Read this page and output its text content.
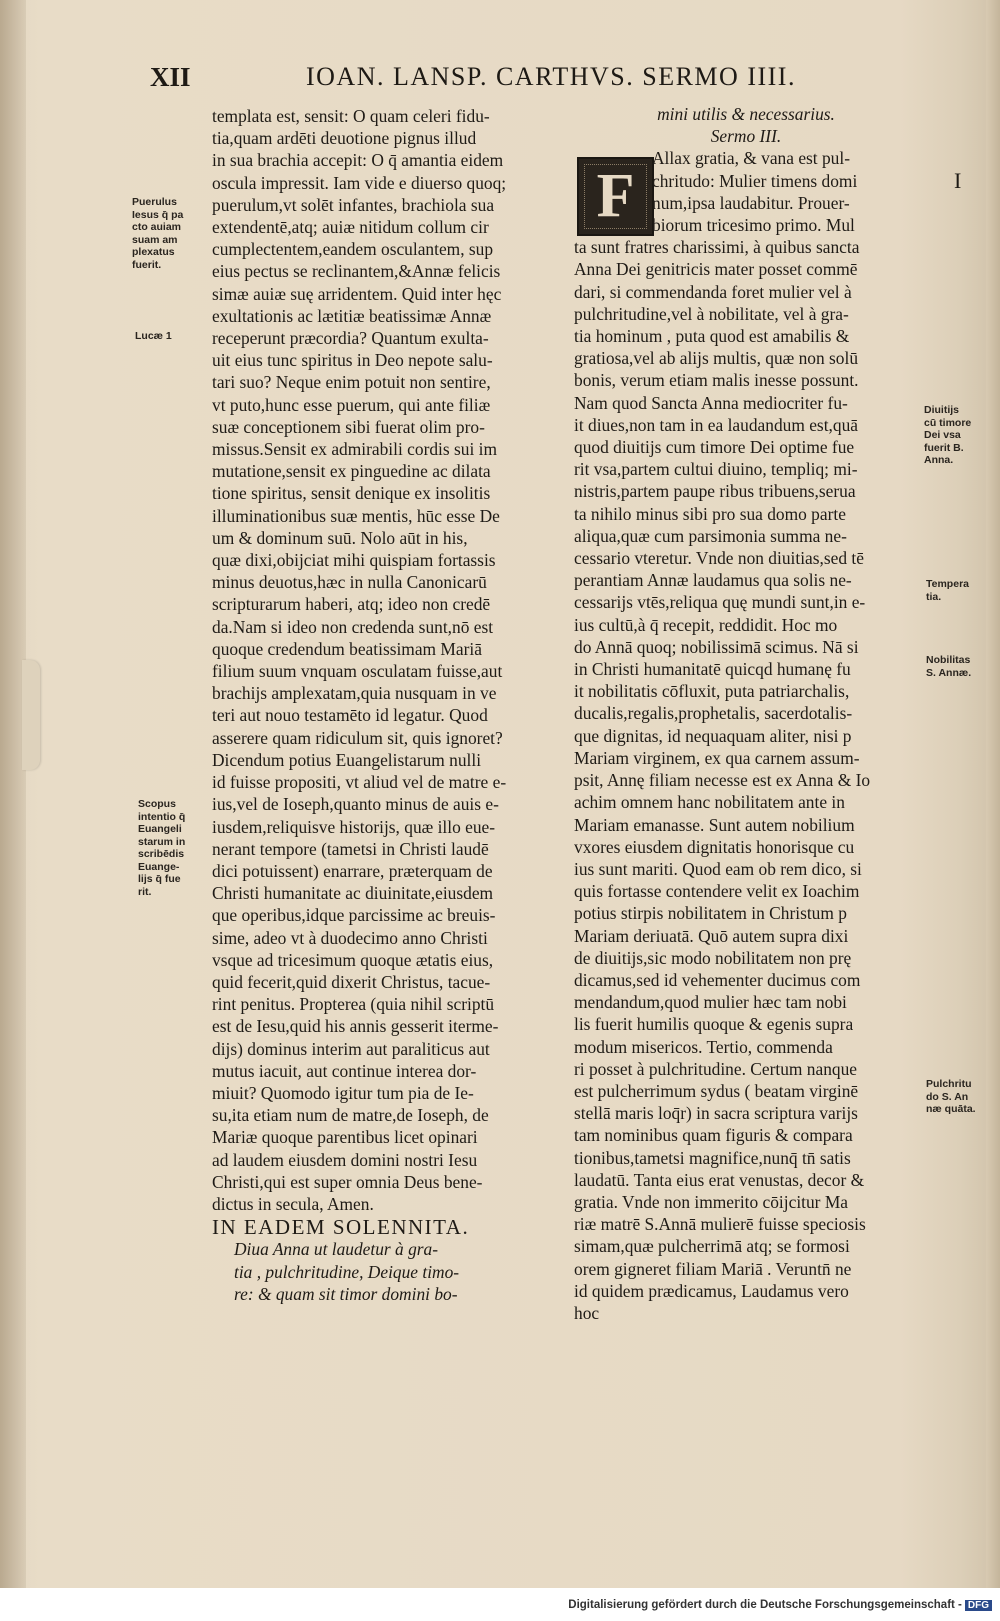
XII	IOAN. LANSP. CARTHVS. SERMO IIII.
I
templata est, sensit: O quam celeri fidu-
tia,quam ardēti deuotione pignus illud
in sua brachia accepit: O q̄ amantia eidem
oscula impressit. Iam vide e diuerso quoq;
puerulum,vt solēt infantes, brachiola sua
extendentē,atq; auiæ nitidum collum cir
cumplectentem,eandem osculantem, sup
eius pectus se reclinantem,&Annæ felicis
simæ auiæ suę arridentem. Quid inter hęc
exultationis ac lætitiæ beatissimæ Annæ
receperunt præcordia? Quantum exulta-
uit eius tunc spiritus in Deo nepote salu-
tari suo? Neque enim potuit non sentire,
vt puto,hunc esse puerum, qui ante filiæ
suæ conceptionem sibi fuerat olim pro-
missus.Sensit ex admirabili cordis sui im
mutatione,sensit ex pinguedine ac dilata
tione spiritus, sensit denique ex insolitis
illuminationibus suæ mentis, hūc esse De
um & dominum suū. Nolo aūt in his,
quæ dixi,obijciat mihi quispiam fortassis
minus deuotus,hæc in nulla Canonicarū
scripturarum haberi, atq; ideo non credē
da.Nam si ideo non credenda sunt,nō est
quoque credendum beatissimam Mariā
filium suum vnquam osculatam fuisse,aut
brachijs amplexatam,quia nusquam in ve
teri aut nouo testamēto id legatur. Quod
asserere quam ridiculum sit, quis ignoret?
Dicendum potius Euangelistarum nulli
id fuisse propositi, vt aliud vel de matre e-
ius,vel de Ioseph,quanto minus de auis e-
iusdem,reliquisve historijs, quæ illo eue-
nerant tempore (tametsi in Christi laudē
dici potuissent) enarrare, præterquam de
Christi humanitate ac diuinitate,eiusdem
que operibus,idque parcissime ac breuis-
sime, adeo vt à duodecimo anno Christi
vsque ad tricesimum quoque ætatis eius,
quid fecerit,quid dixerit Christus, tacue-
rint penitus. Propterea (quia nihil scriptū
est de Iesu,quid his annis gesserit iterme-
dijs) dominus interim aut paraliticus aut
mutus iacuit, aut continue interea dor-
miuit? Quomodo igitur tum pia de Ie-
su,ita etiam num de matre,de Ioseph, de
Mariæ quoque parentibus licet opinari
ad laudem eiusdem domini nostri Iesu
Christi,qui est super omnia Deus bene-
dictus in secula, Amen.
IN EADEM SOLENNITA.
Diua Anna ut laudetur à gra-
tia , pulchritudine, Deique timo-
re: & quam sit timor domini bo-
F
mini utilis & necessarius.
Sermo III.
Allax gratia, & vana est pul-
chritudo: Mulier timens domi
num,ipsa laudabitur. Prouer-
biorum tricesimo primo. Mul
ta sunt fratres charissimi, à quibus sancta
Anna Dei genitricis mater posset commē
dari, si commendanda foret mulier vel à
pulchritudine,vel à nobilitate, vel à gra-
tia hominum , puta quod est amabilis &
gratiosa,vel ab alijs multis, quæ non solū
bonis, verum etiam malis inesse possunt.
Nam quod Sancta Anna mediocriter fu-
it diues,non tam in ea laudandum est,quā
quod diuitijs cum timore Dei optime fue
rit vsa,partem cultui diuino, templiq; mi-
nistris,partem paupe ribus tribuens,serua
ta nihilo minus sibi pro sua domo parte
aliqua,quæ cum parsimonia summa ne-
cessario vteretur. Vnde non diuitias,sed tē
perantiam Annæ laudamus qua solis ne-
cessarijs vtēs,reliqua quę mundi sunt,in e-
ius cultū,à q̄ recepit, reddidit. Hoc mo
do Annā quoq; nobilissimā scimus. Nā si
in Christi humanitatē quicqd humanę fu
it nobilitatis cōfluxit, puta patriarchalis,
ducalis,regalis,prophetalis, sacerdotalis-
que dignitas, id nequaquam aliter, nisi p
Mariam virginem, ex qua carnem assum-
psit, Annę filiam necesse est ex Anna & Io
achim omnem hanc nobilitatem ante in
Mariam emanasse. Sunt autem nobilium
vxores eiusdem dignitatis honorisque cu
ius sunt mariti. Quod eam ob rem dico, si
quis fortasse contendere velit ex Ioachim
potius stirpis nobilitatem in Christum p
Mariam deriuatā. Quō autem supra dixi
de diuitijs,sic modo nobilitatem non prę
dicamus,sed id vehementer ducimus com
mendandum,quod mulier hæc tam nobi
lis fuerit humilis quoque & egenis supra
modum misericos. Tertio, commenda
ri posset à pulchritudine. Certum nanque
est pulcherrimum sydus ( beatam virginē
stellā maris loq̄r) in sacra scriptura varijs
tam nominibus quam figuris & compara
tionibus,tametsi magnifice,nunq̄ tn̄ satis
laudatū. Tanta eius erat venustas, decor &
gratia. Vnde non immerito cōijcitur Ma
riæ matrē S.Annā mulierē fuisse speciosis
simam,quæ pulcherrimā atq; se formosi
orem gigneret filiam Mariā . Veruntn̄ ne
id quidem prædicamus, Laudamus vero
hoc
Puerulus
Iesus q̄ pa
cto auiam
suam am
plexatus
fuerit.
Lucæ 1
Scopus
intentio q̄
Euangeli
starum in
scribēdis
Euange-
lijs q̄ fue
rit.
Diuitijs
cū timore
Dei vsa
fuerit B.
Anna.
Tempera
tia.
Nobilitas
S. Annæ.
Pulchritu
do S. An
næ quāta.
Digitalisierung gefördert durch die Deutsche Forschungsgemeinschaft - DFG
